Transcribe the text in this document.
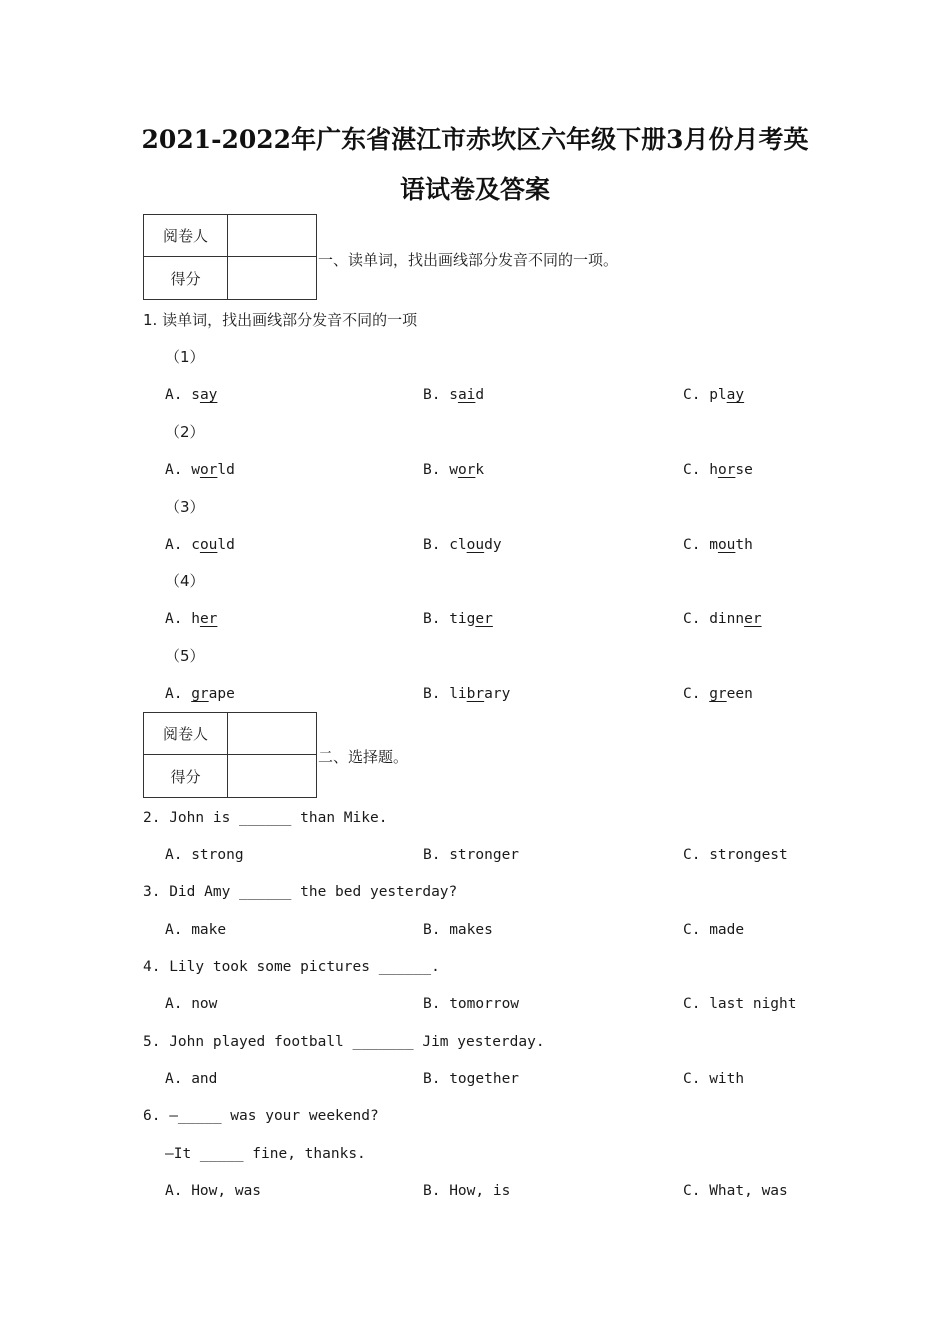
2021-2022年广东省湛江市赤坎区六年级下册3月份月考英
语试卷及答案
阅卷人
得分
一、读单词，找出画线部分发音不同的一项。
1. 读单词，找出画线部分发音不同的一项
（1）
A. say	B. said	C. play
（2）
A. world	B. work	C. horse
（3）
A. could	B. cloudy	C. mouth
（4）
A. her	B. tiger	C. dinner
（5）
A. grape	B. library	C. green
阅卷人
得分
二、选择题。
2. John is ______ than Mike.
A. strong	B. stronger	C. strongest
3. Did Amy ______ the bed yesterday?
A. make	B. makes	C. made
4. Lily took some pictures ______.
A. now	B. tomorrow	C. last night
5. John played football _______ Jim yesterday.
A. and	B. together	C. with
6. —_____ was your weekend?
—It _____ fine, thanks.
A. How, was	B. How, is	C. What, was
